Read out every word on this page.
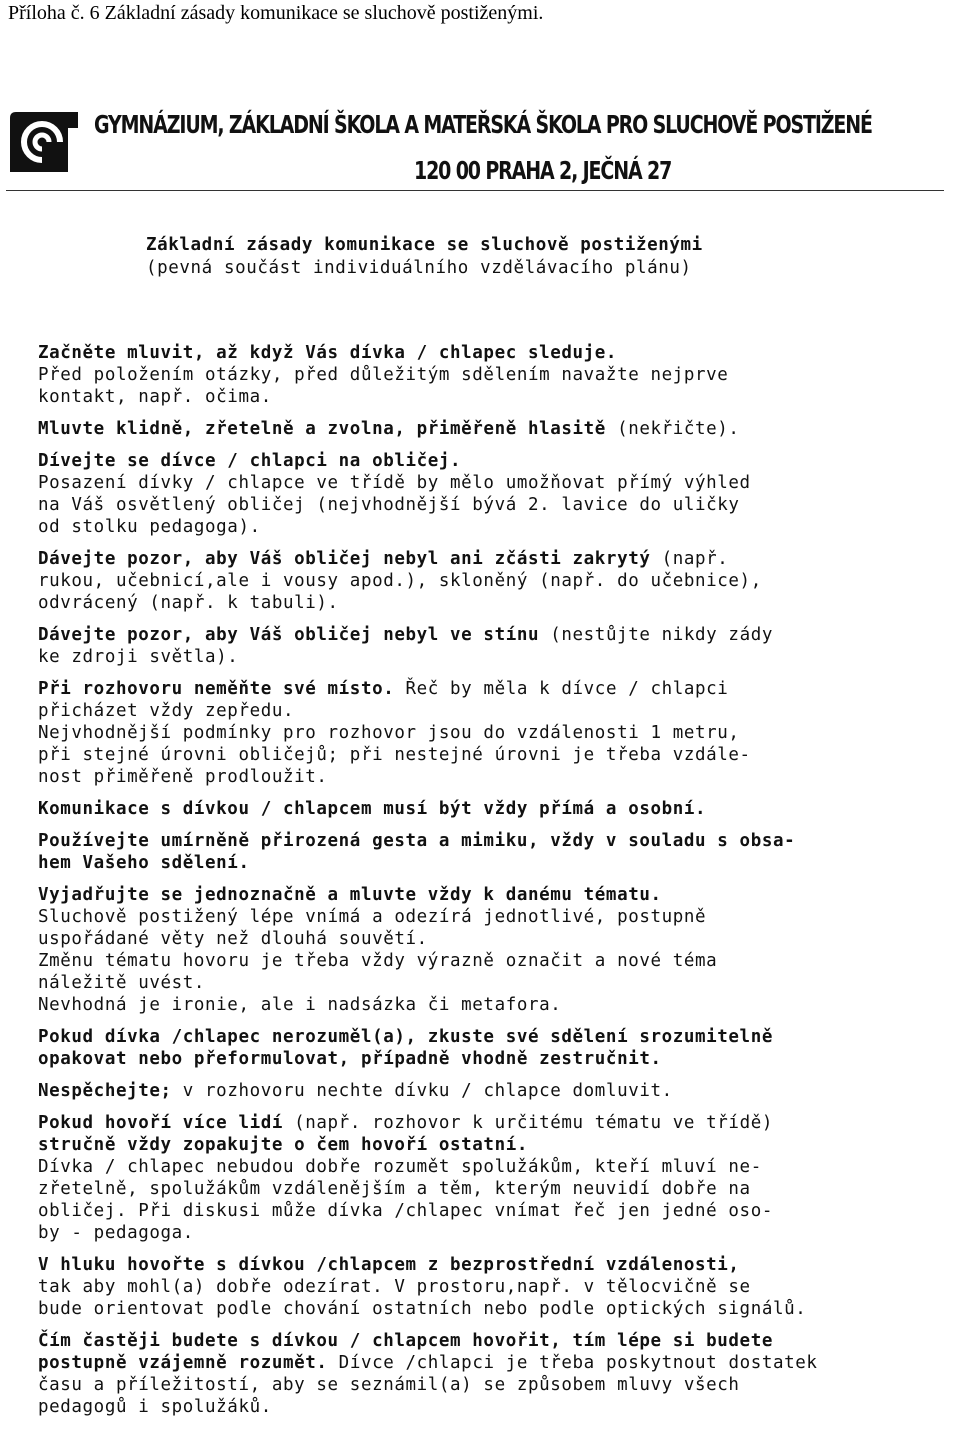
Příloha č. 6 Základní zásady komunikace se sluchově postiženými.
GYMNÁZIUM, ZÁKLADNÍ ŠKOLA A MATEŘSKÁ ŠKOLA PRO SLUCHOVĚ POSTIŽENÉ
120 00 PRAHA 2, JEČNÁ 27
Základní zásady komunikace se sluchově postiženými
(pevná součást individuálního vzdělávacího plánu)

Začněte mluvit, až když Vás dívka / chlapec sleduje.
Před položením otázky, před důležitým sdělením navažte nejprve
kontakt, např. očima.

Mluvte klidně, zřetelně a zvolna, přiměřeně hlasitě (nekřičte).

Dívejte se dívce / chlapci na obličej.
Posazení dívky / chlapce ve třídě by mělo umožňovat přímý výhled
na Váš osvětlený obličej (nejvhodnější bývá 2. lavice do uličky
od stolku pedagoga).

Dávejte pozor, aby Váš obličej nebyl ani zčásti zakrytý (např.
rukou, učebnicí,ale i vousy apod.), skloněný (např. do učebnice),
odvrácený (např. k tabuli).

Dávejte pozor, aby Váš obličej nebyl ve stínu (nestůjte nikdy zády
ke zdroji světla).

Při rozhovoru neměňte své místo. Řeč by měla k dívce / chlapci
přicházet vždy zepředu.
Nejvhodnější podmínky pro rozhovor jsou do vzdálenosti 1 metru,
při stejné úrovni obličejů; při nestejné úrovni je třeba vzdále-
nost přiměřeně prodloužit.

Komunikace s dívkou / chlapcem musí být vždy přímá a osobní.

Používejte umírněně přirozená gesta a mimiku, vždy v souladu s obsa-
hem Vašeho sdělení.

Vyjadřujte se jednoznačně a mluvte vždy k danému tématu.
Sluchově postižený lépe vnímá a odezírá jednotlivé, postupně
uspořádané věty než dlouhá souvětí.
Změnu tématu hovoru je třeba vždy výrazně označit a nové téma
náležitě uvést.
Nevhodná je ironie, ale i nadsázka či metafora.

Pokud dívka /chlapec nerozuměl(a), zkuste své sdělení srozumitelně
opakovat nebo přeformulovat, případně vhodně zestručnit.

Nespěchejte; v rozhovoru nechte dívku / chlapce domluvit.

Pokud hovoří více lidí (např. rozhovor k určitému tématu ve třídě)
stručně vždy zopakujte o čem hovoří ostatní.
Dívka / chlapec nebudou dobře rozumět spolužákům, kteří mluví ne-
zřetelně, spolužákům vzdálenějším a těm, kterým neuvidí dobře na
obličej. Při diskusi může dívka /chlapec vnímat řeč jen jedné oso-
by - pedagoga.

V hluku hovořte s dívkou /chlapcem z bezprostřední vzdálenosti,
tak aby mohl(a) dobře odezírat. V prostoru,např. v tělocvičně se
bude orientovat podle chování ostatních nebo podle optických signálů.

Čím častěji budete s dívkou / chlapcem hovořit, tím lépe si budete
postupně vzájemně rozumět. Dívce /chlapci je třeba poskytnout dostatek
času a příležitostí, aby se seznámil(a) se způsobem mluvy všech
pedagogů i spolužáků.
